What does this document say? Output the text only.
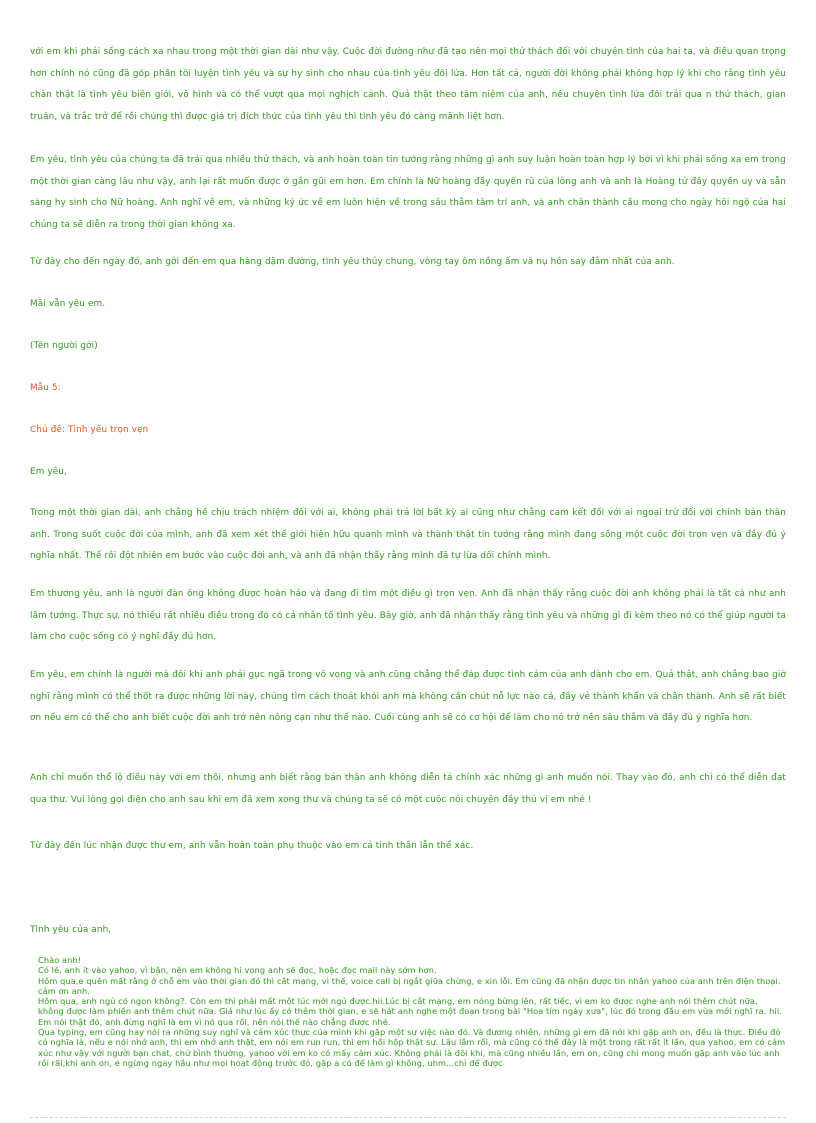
với em khi phải sống cách xa nhau trong một thời gian dài như vậy. Cuộc đời đường như đã tạo nên mọi thử thách đối với chuyện tình của hai ta, và điều quan trọng hơn chính nó cũng đã góp phần tôi luyện tình yêu và sự hy sinh cho nhau của tình yêu đôi lứa. Hơn tất cả, người đời không phải không hợp lý khi cho rằng tình yêu chân thật là tình yêu biên giới, vô hình và có thể vượt qua mọi nghịch cảnh. Quả thật theo tâm niệm của anh, nếu chuyện tình lứa đôi trải qua n thử thách, gian truân, và trắc trở để rồi chúng thì được giá trị đích thức của tình yêu thì tình yêu đó càng mãnh liệt hơn.

Em yêu, tình yêu của chúng ta đã trải qua nhiều thử thách, và anh hoàn toàn tin tưởng rằng những gì anh suy luận hoàn toàn hợp lý bởi vì khi phải sống xa em trong một thời gian càng lâu như vậy, anh lại rất muốn được ở gần gũi em hơn. Em chính là Nữ hoàng đầy quyến rũ của lòng anh và anh là Hoàng tử đầy quyền uy và sẵn sàng hy sinh cho Nữ hoàng. Anh nghĩ về em, và những kỷ ức về em luôn hiện về trong sâu thẳm tâm trí anh, và anh chân thành cầu mong cho ngày hội ngộ của hai chúng ta sẽ diễn ra trong thời gian không xa.

Từ đây cho đến ngày đó, anh gởi đến em qua hàng dặm đường, tình yêu thủy chung, vòng tay ôm nồng ấm và nụ hôn say đắm nhất của anh.

Mãi vẫn yêu em.

(Tên người gởi)

Mẫu 5:

Chủ đề: Tình yêu trọn vẹn

Em yêu,

Trong một thời gian dài, anh chẳng hề chịu trách nhiệm đối với ai, không phải trả lời bất kỳ ai cũng như chẳng cam kết đối với ai ngoại trừ đối với chính bản thân anh. Trong suốt cuộc đời của mình, anh đã xem xét thế giới hiện hữu quanh mình và thành thật tin tưởng rằng mình đang sống một cuộc đời trọn vẹn và đầy đủ ý nghĩa nhất. Thế rồi đột nhiên em bước vào cuộc đời anh, và anh đã nhận thấy rằng mình đã tự lừa dối chính mình.

Em thương yêu, anh là người đàn ông không được hoàn hảo và đang đi tìm một điều gì trọn vẹn. Anh đã nhận thấy rằng cuộc đời anh không phải là tất cả như anh lầm tưởng. Thực sự, nó thiếu rất nhiều điều trong đó có cả nhân tố tình yêu. Bây giờ, anh đã nhận thấy rằng tình yêu và những gì đi kèm theo nó có thể giúp người ta làm cho cuộc sống có ý nghĩ đầy đủ hơn.

Em yêu, em chính là người mà đôi khi anh phải gục ngã trong vô vọng và anh cũng chẳng thể đáp được tình cảm của anh dành cho em. Quả thật, anh chẳng bao giờ nghĩ rằng mình có thể thốt ra được những lời này, chúng tìm cách thoát khỏi anh mà không cần chút nỗ lực nào cả, đầy vẻ thành khẩn và chân thành. Anh sẽ rất biết ơn nếu em có thể cho anh biết cuộc đời anh trở nên nông cạn như thế nào. Cuối cùng anh sẽ có cơ hội để làm cho nó trở nên sâu thẳm và đầy đủ ý nghĩa hơn.

Anh chỉ muốn thổ lộ điều này với em thôi, nhưng anh biết rằng bản thân anh không diễn tả chính xác những gì anh muốn nói. Thay vào đó, anh chỉ có thể diễn đạt qua thư. Vui lòng gọi điện cho anh sau khi em đã xem xong thư và chúng ta sẽ có một cuộc nói chuyện đầy thú vị em nhé !

Từ đây đến lúc nhận được thư em, anh vẫn hoàn toàn phụ thuộc vào em cả tinh thần lẫn thể xác.

Tình yêu của anh,

Chào anh!
Có lẽ, anh ít vào yahoo, vì bận, nên em không hi vọng anh sẽ đọc, hoặc đọc mail này sớm hơn.
Hôm qua,e quên mất rằng ở chỗ em vào thời gian đó thì cắt mạng, vì thế, voice call bị ngắt giữa chừng, e xin lỗi. Em cũng đã nhận được tin nhắn yahoo của anh trên điện thoại. cảm ơn anh.
Hôm qua, anh ngủ có ngon không?. Còn em thì phải mất một lúc mới ngủ được.hii.Lúc bị cắt mạng, em nóng bừng lên, rất tiếc, vì em ko được nghe anh nói thêm chút nữa, không được làm phiền anh thêm chút nữa. Giá như lúc ấy có thêm thời gian, e sẽ hát anh nghe một đoạn trong bài "Hoa tím ngày xưa", lúc đó trong đầu em vừa mới nghĩ ra. hii. Em nói thật đó, anh đừng nghĩ là em vì nó qua rồi, nên nói thế nào chẳng được nhé.
Qua typing, em cũng hay nói ra những suy nghĩ và cảm xúc thực của mình khi gặp một sự việc nào đó. Và đương nhiên, những gì em đã nói khi gặp anh on, đều là thực. Điều đó có nghĩa là, nếu e nói nhớ anh, thì em nhớ anh thật, em nói em run run, thì em hồi hộp thật sự. Lâu lắm rồi, mà cũng có thể đây là một trong rất rất ít lần, qua yahoo, em có cảm xúc như vậy với người bạn chat, chứ bình thường, yahoo với em ko có mấy cảm xúc. Không phải là đôi khi, mà cũng nhiều lần, em on, cũng chỉ mong muốn gặp anh vào lúc anh rồi rãi,khi anh on, e ngừng ngay hầu như mọi hoạt động trước đó, gặp a có để làm gì không, uhm...chỉ để được
